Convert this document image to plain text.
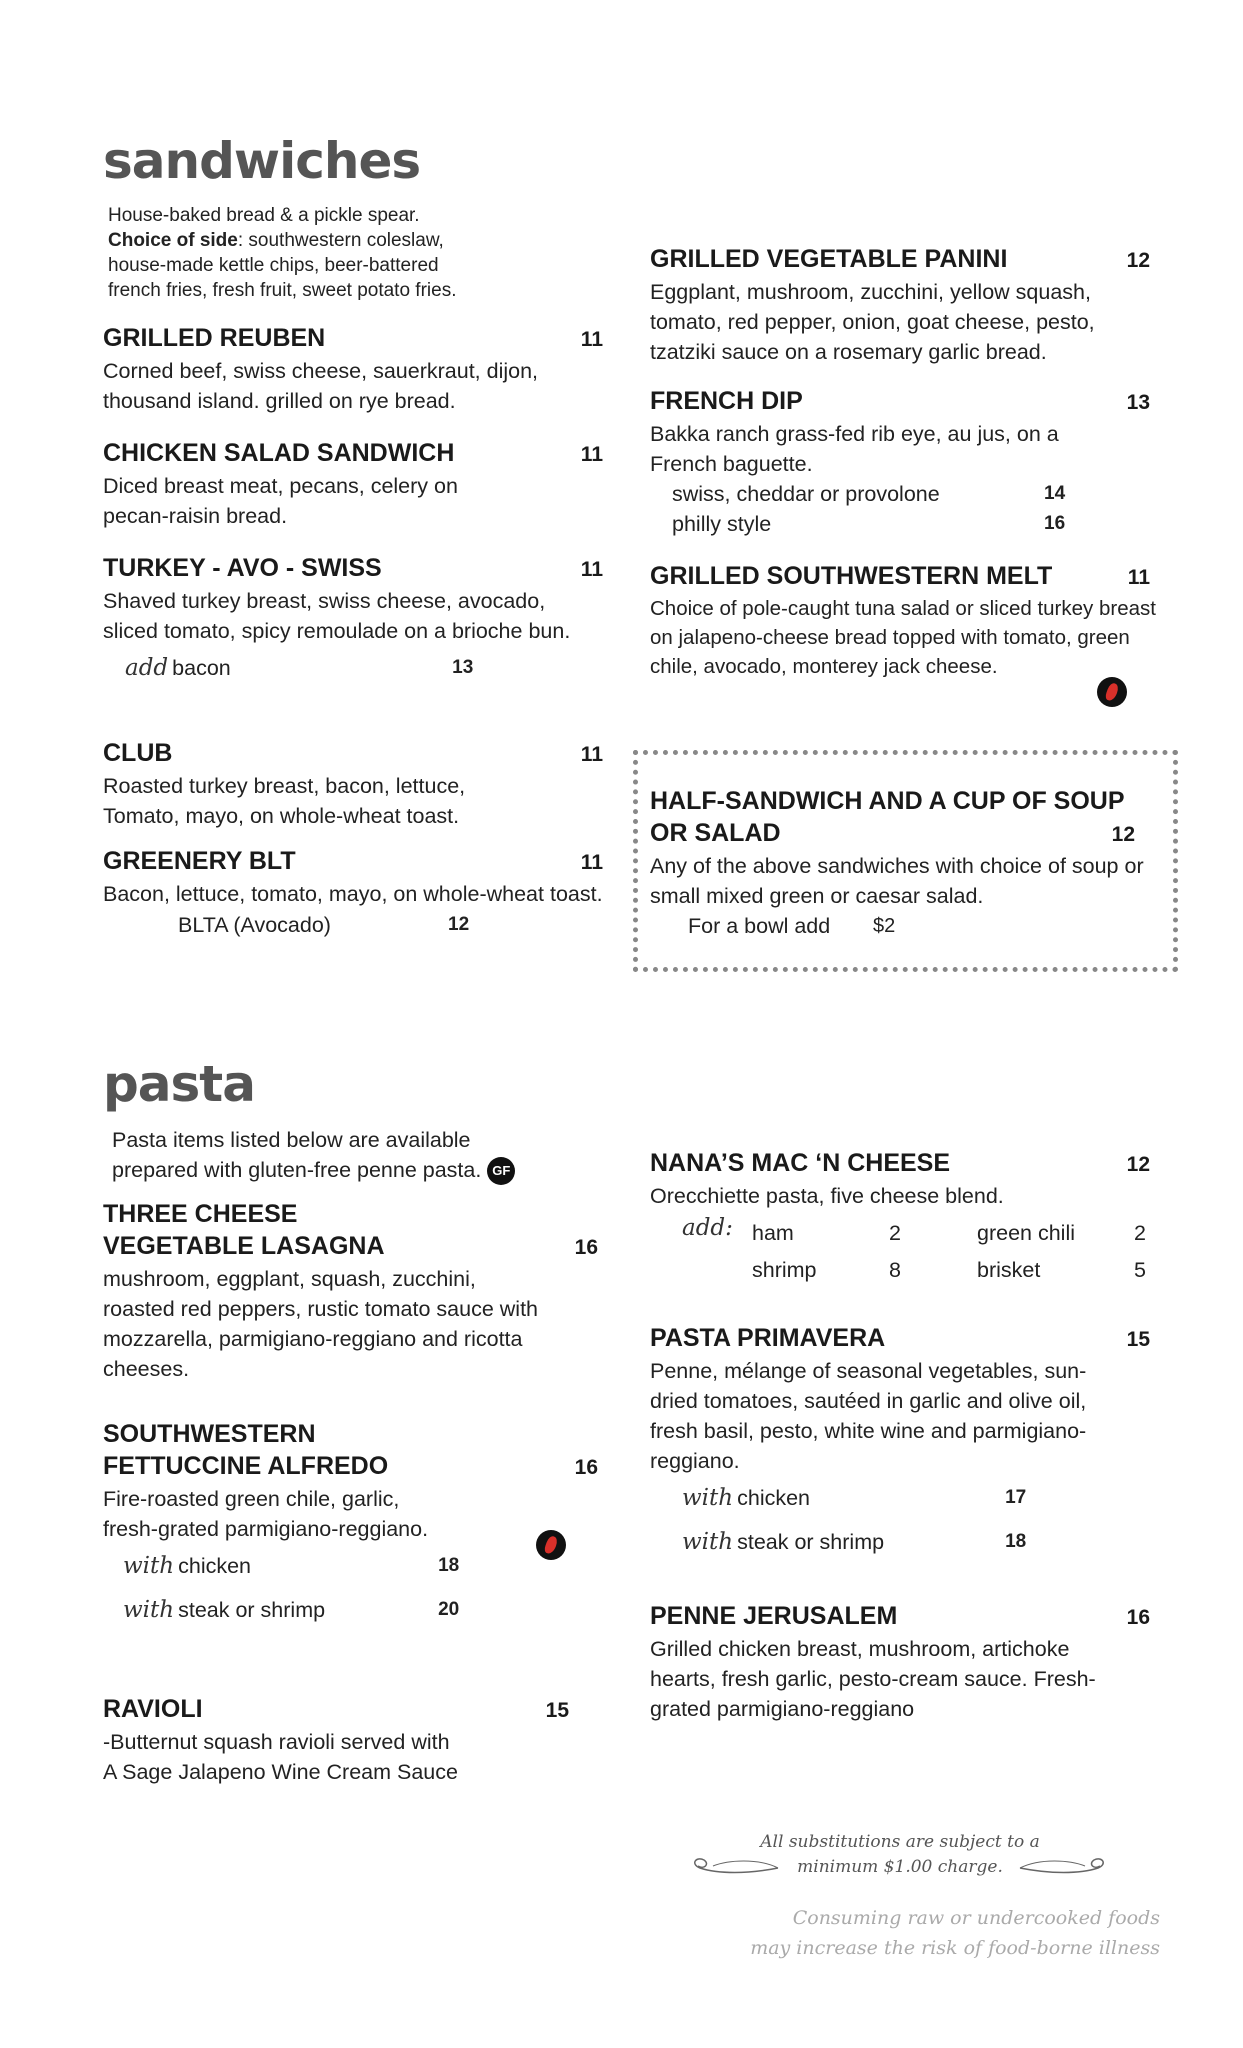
sandwiches
House-baked bread & a pickle spear.
Choice of side: southwestern coleslaw,
house-made kettle chips, beer-battered
french fries, fresh fruit, sweet potato fries.
GRILLED REUBEN	11
Corned beef, swiss cheese, sauerkraut, dijon, thousand island. grilled on rye bread.
CHICKEN SALAD SANDWICH	11
Diced breast meat, pecans, celery on pecan-raisin bread.
TURKEY - AVO - SWISS	11
Shaved turkey breast, swiss cheese, avocado, sliced tomato, spicy remoulade on a brioche bun.
add bacon	13
CLUB	11
Roasted turkey breast, bacon, lettuce, Tomato, mayo, on whole-wheat toast.
GREENERY BLT	11
Bacon, lettuce, tomato, mayo, on whole-wheat toast.
BLTA (Avocado)	12
GRILLED VEGETABLE PANINI	12
Eggplant, mushroom, zucchini, yellow squash, tomato, red pepper, onion, goat cheese, pesto, tzatziki sauce on a rosemary garlic bread.
FRENCH DIP	13
Bakka ranch grass-fed rib eye, au jus, on a French baguette.
swiss, cheddar or provolone	14
philly style	16
GRILLED SOUTHWESTERN MELT	11
Choice of pole-caught tuna salad or sliced turkey breast on jalapeno-cheese bread topped with tomato, green chile, avocado, monterey jack cheese.
HALF-SANDWICH AND A CUP OF SOUP
OR SALAD	12
Any of the above sandwiches with choice of soup or small mixed green or caesar salad.
For a bowl add	$2
pasta
Pasta items listed below are available
prepared with gluten-free penne pasta. GF
THREE CHEESE
VEGETABLE LASAGNA	16
mushroom, eggplant, squash, zucchini, roasted red peppers, rustic tomato sauce with mozzarella, parmigiano-reggiano and ricotta cheeses.
SOUTHWESTERN
FETTUCCINE ALFREDO	16
Fire-roasted green chile, garlic,
fresh-grated parmigiano-reggiano.
with chicken	18
with steak or shrimp	20
RAVIOLI	15
-Butternut squash ravioli served with
A Sage Jalapeno Wine Cream Sauce
NANA’S MAC ‘N CHEESE	12
Orecchiette pasta, five cheese blend.
add: ham	2	green chili	2
shrimp	8	brisket	5
PASTA PRIMAVERA	15
Penne, mélange of seasonal vegetables, sun-dried tomatoes, sautéed in garlic and olive oil, fresh basil, pesto, white wine and parmigiano-reggiano.
with chicken	17
with steak or shrimp	18
PENNE JERUSALEM	16
Grilled chicken breast, mushroom, artichoke hearts, fresh garlic, pesto-cream sauce. Fresh-grated parmigiano-reggiano
All substitutions are subject to a
minimum $1.00 charge.
Consuming raw or undercooked foods
may increase the risk of food-borne illness
